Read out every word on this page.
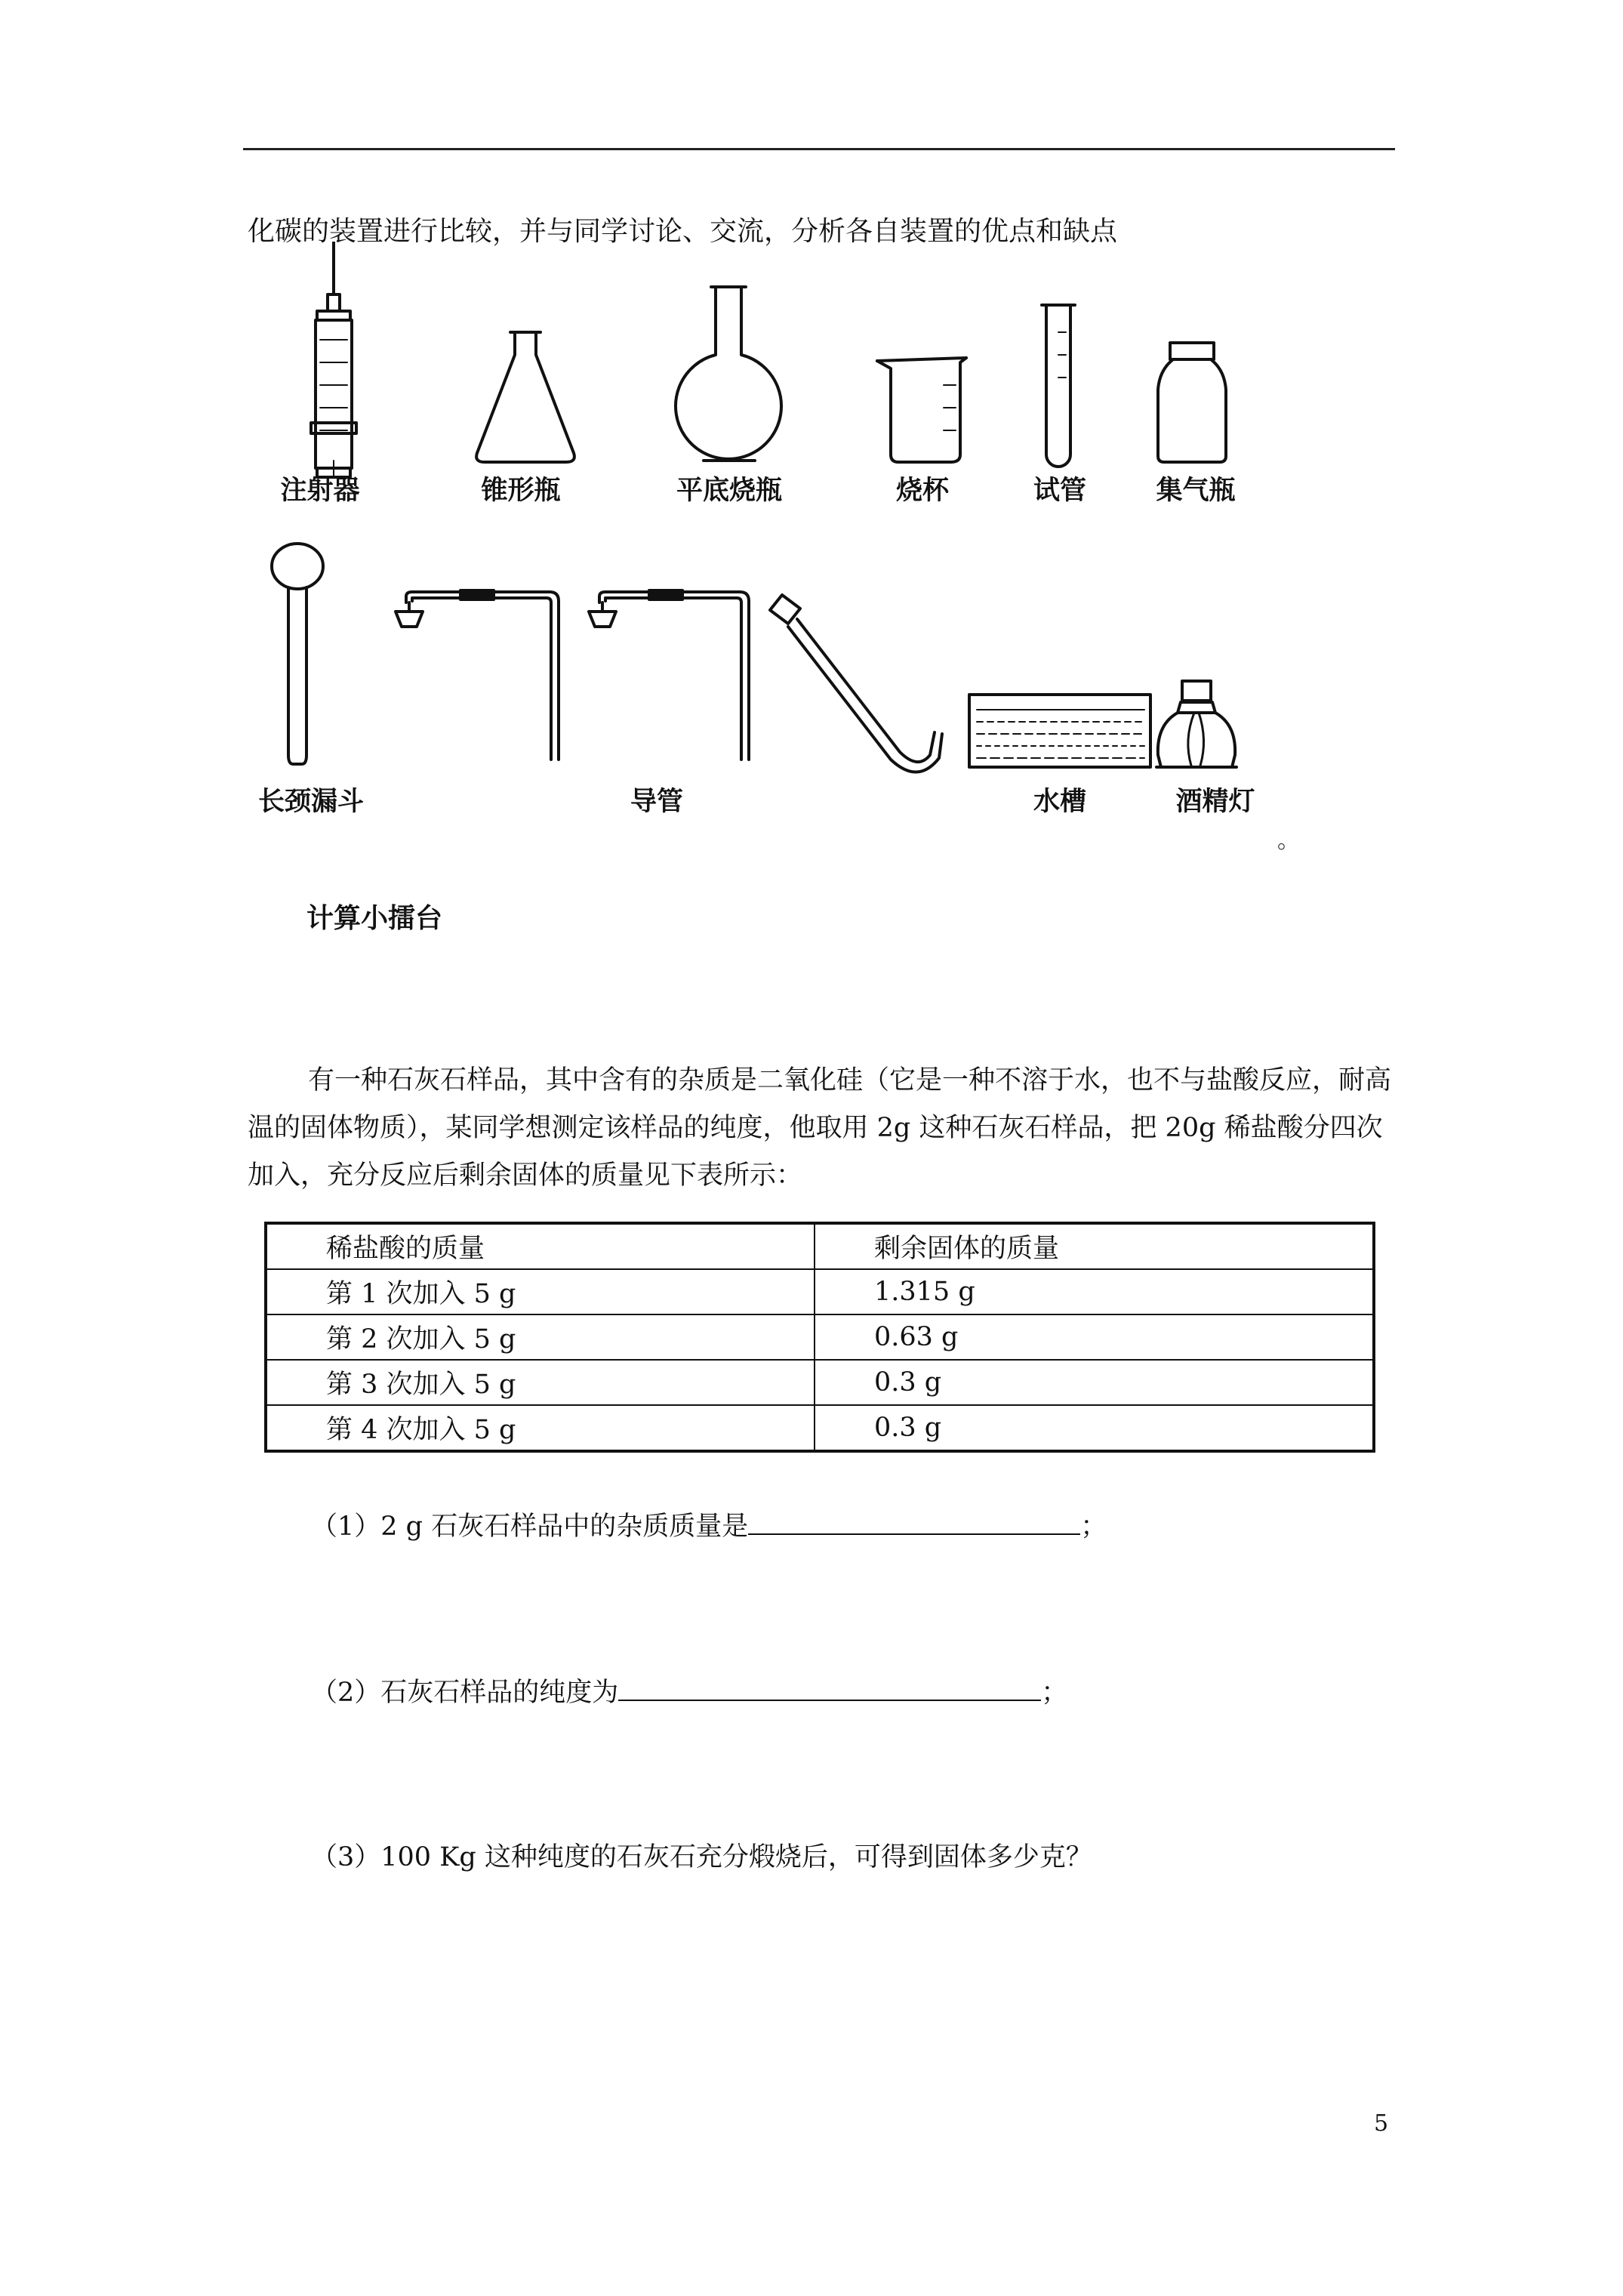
化碳的装置进行比较，并与同学讨论、交流，分析各自装置的优点和缺点
注射器	锥形瓶	平底烧瓶	烧杯	试管	集气瓶
长颈漏斗	导管	水槽	酒精灯
。
计算小擂台
有一种石灰石样品，其中含有的杂质是二氧化硅（它是一种不溶于水，也不与盐酸反应，耐高温的固体物质），某同学想测定该样品的纯度，他取用 2g 这种石灰石样品，把 20g 稀盐酸分四次加入，充分反应后剩余固体的质量见下表所示：
稀盐酸的质量	剩余固体的质量
第 1 次加入 5 g	1.315 g
第 2 次加入 5 g	0.63 g
第 3 次加入 5 g	0.3 g
第 4 次加入 5 g	0.3 g
（1）2 g 石灰石样品中的杂质质量是	；
（2）石灰石样品的纯度为	；
（3）100 Kg 这种纯度的石灰石充分煅烧后，可得到固体多少克？
5
